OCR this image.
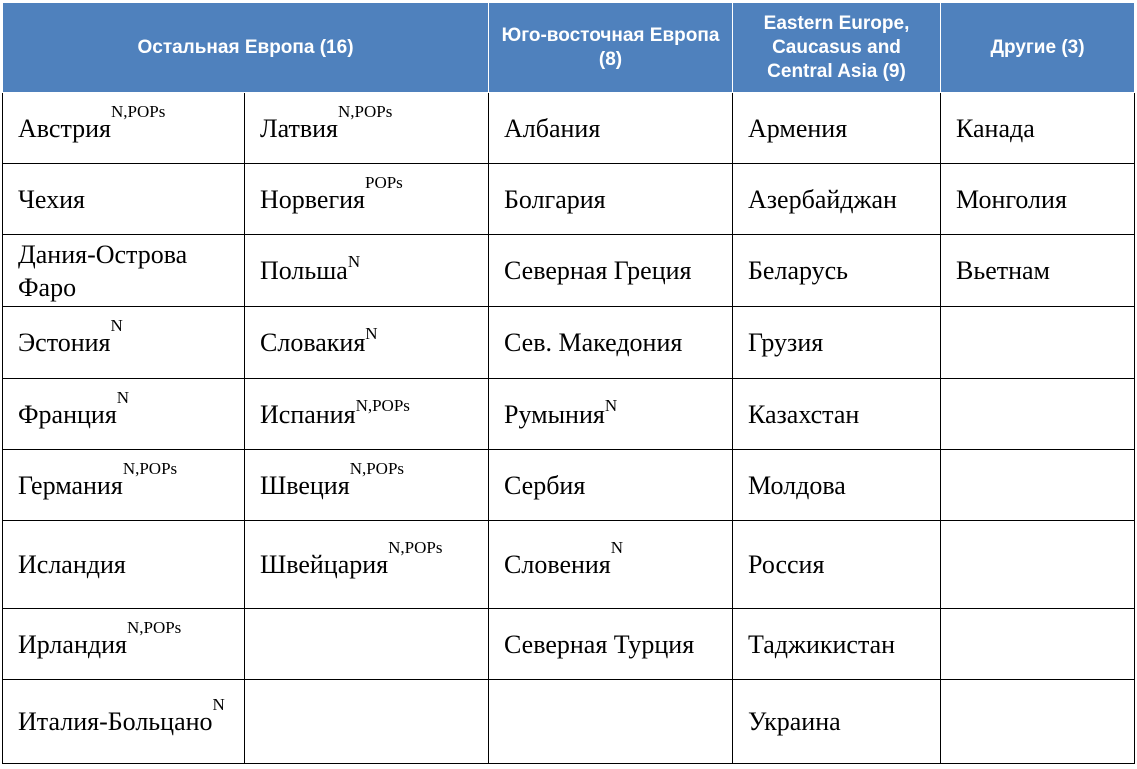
Остальная Европа (16)		Юго-восточная Европа (8)	Eastern Europe, Caucasus and Central Asia (9)	Другие (3)
Австрия$^{N,POPs}$	Латвия$^{N,POPs}$	Албания	Армения	Канада
Чехия	Норвегия$^{POPs}$	Болгария	Азербайджан	Монголия
Дания-Острова Фаро	Польша$^N$	Северная Греция	Беларусь	Вьетнам
Эстония$^N$	Словакия$^N$	Сев. Македония	Грузия	
Франция$^N$	Испания$^{N,POPs}$	Румыния$^N$	Казахстан	
Германия$^{N,POPs}$	Швеция$^{N,POPs}$	Сербия	Молдова	
Исландия	Швейцария$^{N,POPs}$	Словения$^N$	Россия	
Ирландия$^{N,POPs}$		Северная Турция	Таджикистан	
Италия-Больцано$^N$			Украина	
